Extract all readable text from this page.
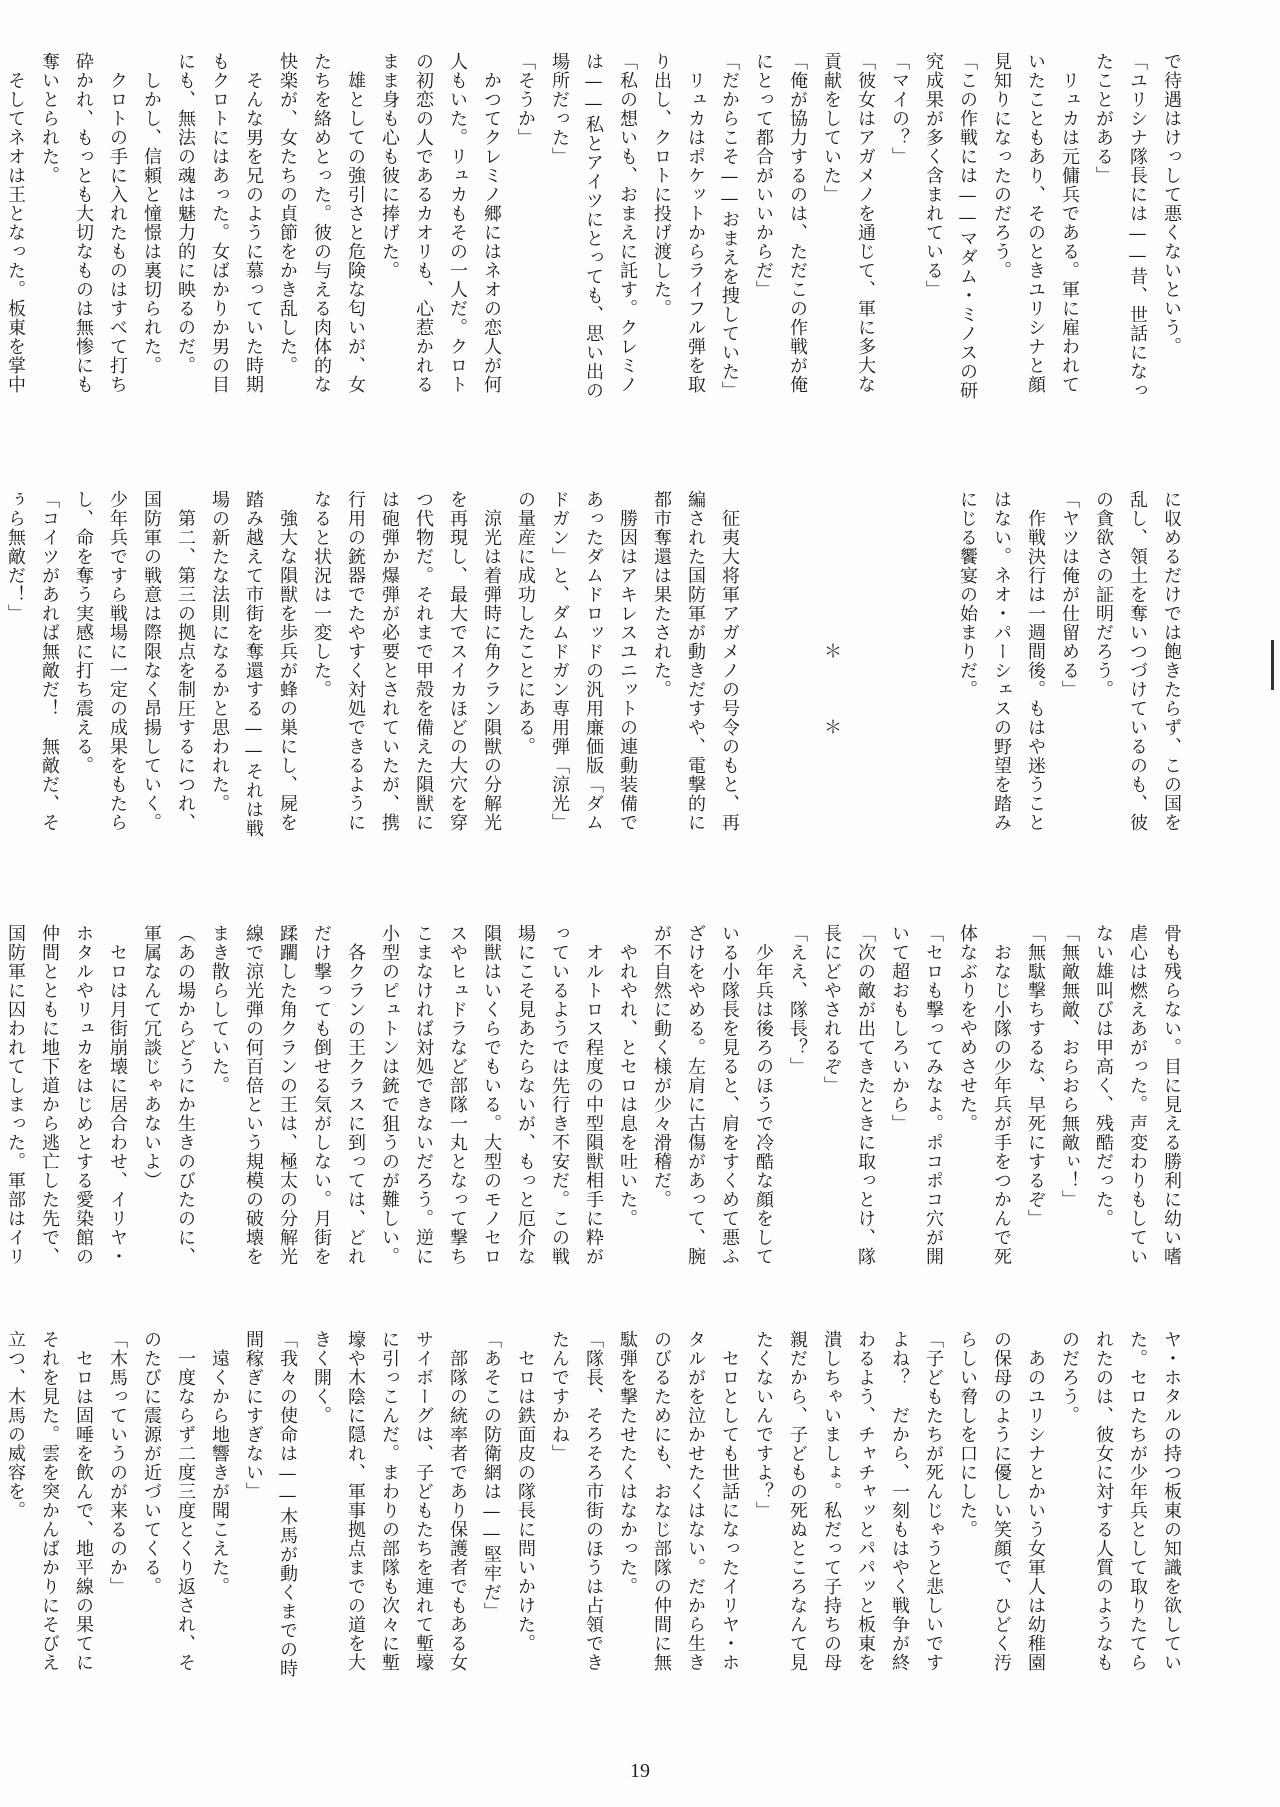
で待遇はけっして悪くないという。

「ユリシナ隊長には——昔、世話になっ

たことがある」

　リュカは元傭兵である。軍に雇われて

いたこともあり、そのときユリシナと顔

見知りになったのだろう。

「この作戦には——マダム・ミノスの研

究成果が多く含まれている」

「マイの？」

「彼女はアガメノを通じて、軍に多大な

貢献をしていた」

「俺が協力するのは、ただこの作戦が俺

にとって都合がいいからだ」

「だからこそ——おまえを捜していた」

　リュカはポケットからライフル弾を取

り出し、クロトに投げ渡した。

「私の想いも、おまえに託す。クレミノ

は——私とアイツにとっても、思い出の

場所だった」

「そうか」

　かつてクレミノ郷にはネオの恋人が何

人もいた。リュカもその一人だ。クロト

の初恋の人であるカオリも、心惹かれる

まま身も心も彼に捧げた。

　雄としての強引さと危険な匂いが、女

たちを絡めとった。彼の与える肉体的な

快楽が、女たちの貞節をかき乱した。

　そんな男を兄のように慕っていた時期

もクロトにはあった。女ばかりか男の目

にも、無法の魂は魅力的に映るのだ。

　しかし、信頼と憧憬は裏切られた。

　クロトの手に入れたものはすべて打ち

砕かれ、もっとも大切なものは無惨にも

奪いとられた。

　そしてネオは王となった。板東を掌中

に収めるだけでは飽きたらず、この国を

乱し、領土を奪いつづけているのも、彼

の貪欲さの証明だろう。

「ヤツは俺が仕留める」

　作戦決行は一週間後。もはや迷うこと

はない。ネオ・パーシェスの野望を踏み

にじる饗宴の始まりだ。

　　　　　　　　＊　　　＊

　征夷大将軍アガメノの号令のもと、再

編された国防軍が動きだすや、電撃的に

都市奪還は果たされた。

　勝因はアキレスユニットの連動装備で

あったダムドロッドの汎用廉価版「ダム

ドガン」と、ダムドガン専用弾「涼光」

の量産に成功したことにある。

　涼光は着弾時に角クラン隕獣の分解光

を再現し、最大でスイカほどの大穴を穿

つ代物だ。それまで甲殻を備えた隕獣に

は砲弾か爆弾が必要とされていたが、携

行用の銃器でたやすく対処できるように

なると状況は一変した。

　強大な隕獣を歩兵が蜂の巣にし、屍を

踏み越えて市街を奪還する——それは戦

場の新たな法則になるかと思われた。

　第二、第三の拠点を制圧するにつれ、

国防軍の戦意は際限なく昂揚していく。

少年兵ですら戦場に一定の成果をもたら

し、命を奪う実感に打ち震える。

「コイツがあれば無敵だ！　無敵だ、そ

ぅら無敵だ！」

骨も残らない。目に見える勝利に幼い嗜

虐心は燃えあがった。声変わりもしてい

ない雄叫びは甲高く、残酷だった。

「無敵無敵、おらおら無敵ぃ！」

「無駄撃ちするな、早死にするぞ」

　おなじ小隊の少年兵が手をつかんで死

体なぶりをやめさせた。

「セロも撃ってみなよ。ポコポコ穴が開

いて超おもしろいから」

「次の敵が出てきたときに取っとけ、隊

長にどやされるぞ」

「ええ、隊長？」

　少年兵は後ろのほうで冷酷な顔をして

いる小隊長を見ると、肩をすくめて悪ふ

ざけをやめる。左肩に古傷があって、腕

が不自然に動く様が少々滑稽だ。

　やれやれ、とセロは息を吐いた。

　オルトロス程度の中型隕獣相手に粋が

っているようでは先行き不安だ。この戦

場にこそ見あたらないが、もっと厄介な

隕獣はいくらでもいる。大型のモノセロ

スやヒュドラなど部隊一丸となって撃ち

こまなければ対処できないだろう。逆に

小型のピュトンは銃で狙うのが難しい。

　各クランの王クラスに到っては、どれ

だけ撃っても倒せる気がしない。月街を

蹂躙した角クランの王は、極太の分解光

線で涼光弾の何百倍という規模の破壊を

まき散らしていた。

（あの場からどうにか生きのびたのに、

軍属なんて冗談じゃあないよ）

　セロは月街崩壊に居合わせ、イリヤ・

ホタルやリュカをはじめとする愛染館の

仲間とともに地下道から逃亡した先で、

国防軍に囚われてしまった。軍部はイリ

ヤ・ホタルの持つ板東の知識を欲してい

た。セロたちが少年兵として取りたてら

れたのは、彼女に対する人質のようなも

のだろう。

　あのユリシナとかいう女軍人は幼稚園

の保母のように優しい笑顔で、ひどく汚

らしい脅しを口にした。

「子どもたちが死んじゃうと悲しいです

よね？　だから、一刻もはやく戦争が終

わるよう、チャチャッとパパッと板東を

潰しちゃいましょ。私だって子持ちの母

親だから、子どもの死ぬところなんて見

たくないんですよ？」

　セロとしても世話になったイリヤ・ホ

タルがを泣かせたくはない。だから生き

のびるためにも、おなじ部隊の仲間に無

駄弾を撃たせたくはなかった。

「隊長、そろそろ市街のほうは占領でき

たんですかね」

　セロは鉄面皮の隊長に問いかけた。

「あそこの防衛網は——堅牢だ」

　部隊の統率者であり保護者でもある女

サイボーグは、子どもたちを連れて塹壕

に引っこんだ。まわりの部隊も次々に塹

壕や木陰に隠れ、軍事拠点までの道を大

きく開く。

「我々の使命は——木馬が動くまでの時

間稼ぎにすぎない」

　遠くから地響きが聞こえた。

　一度ならず二度三度とくり返され、そ

のたびに震源が近づいてくる。

「木馬っていうのが来るのか」

　セロは固唾を飲んで、地平線の果てに

それを見た。雲を突かんばかりにそびえ

立つ、木馬の威容を。

19
